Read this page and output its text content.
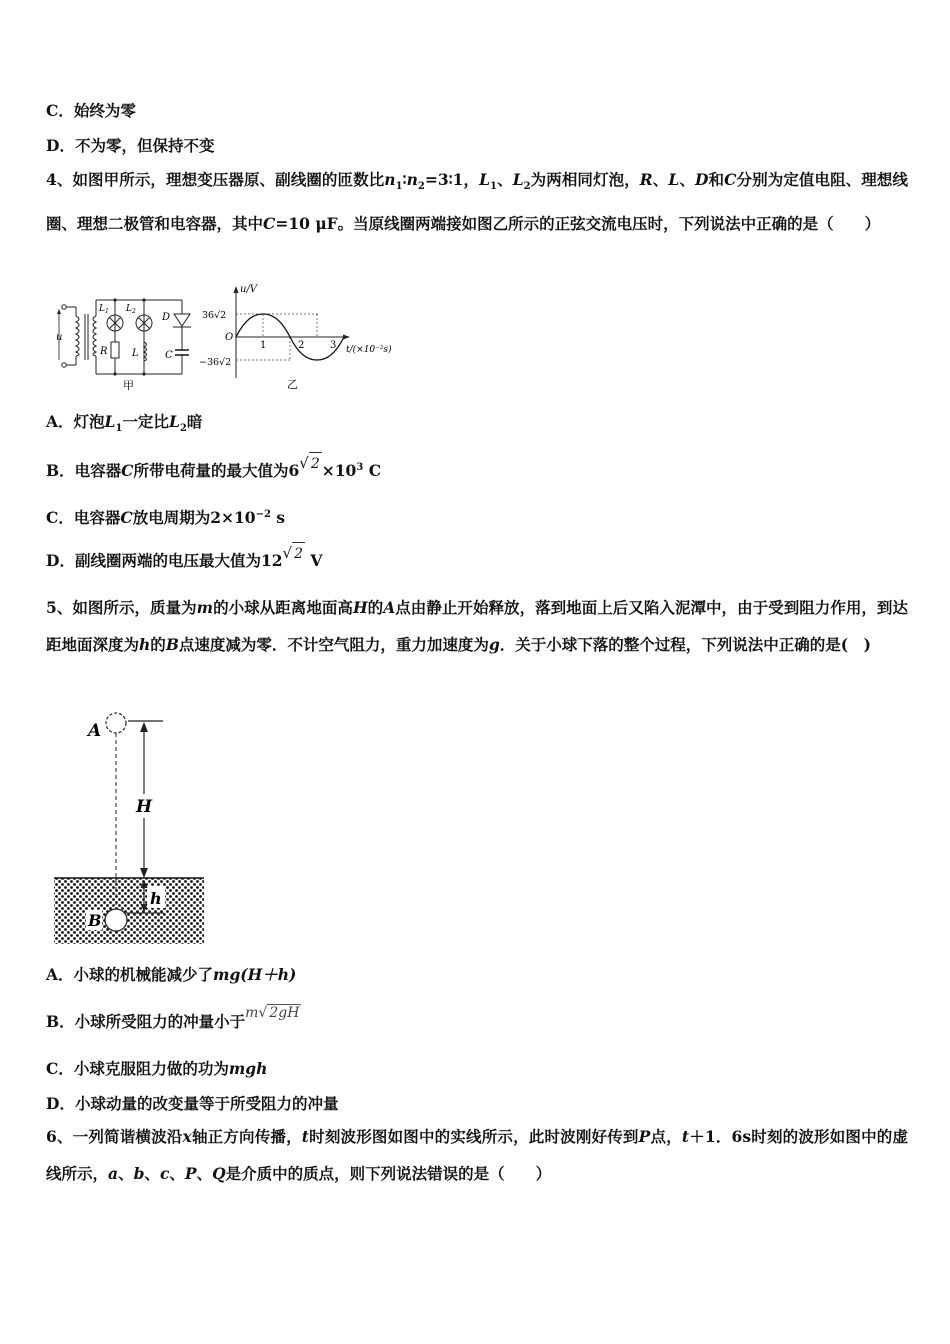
C．始终为零
D．不为零，但保持不变
4、如图甲所示，理想变压器原、副线圈的匝数比$n_1∶n_2=3∶1$，$L_1$、$L_2$为两相同灯泡，R、L、D和C分别为定值电阻、理想线圈、理想二极管和电容器，其中C=10 μF。当原线圈两端接如图乙所示的正弦交流电压时，下列说法中正确的是（　　）
u
$L_1$ $L_2$
D
R L	C
甲
u/V
36√2
O
−36√2
1	2	3 t/(×10⁻²s)
乙
A．灯泡$L_1$一定比$L_2$暗
B．电容器C所带电荷量的最大值为6√ $2 \times 10^3$ C
C．电容器C放电周期为$2\times 10^{-2}$ s
D．副线圈两端的电压最大值为12√ 2 V
5、如图所示，质量为m的小球从距离地面高H的A点由静止开始释放，落到地面上后又陷入泥潭中，由于受到阻力作用，到达距地面深度为h的B点速度减为零．不计空气阻力，重力加速度为g．关于小球下落的整个过程，下列说法中正确的是(　)
H
A
h
B
A．小球的机械能减少了mg(H＋h)
B．小球所受阻力的冲量小于m√ 2gH
C．小球克服阻力做的功为mgh
D．小球动量的改变量等于所受阻力的冲量
6、一列简谐横波沿x轴正方向传播，t时刻波形图如图中的实线所示，此时波刚好传到P点，t＋1．6s时刻的波形如图中的虚线所示，a、b、c、P、Q是介质中的质点，则下列说法错误的是（　　）
